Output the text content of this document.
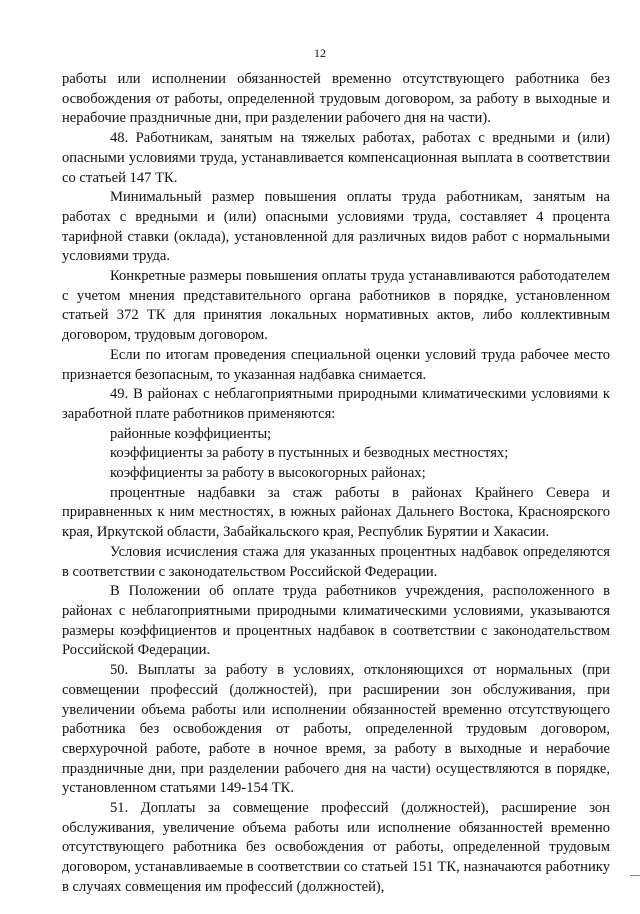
12

работы или исполнении обязанностей временно отсутствующего работника без освобождения от работы, определенной трудовым договором, за работу в выходные и нерабочие праздничные дни, при разделении рабочего дня на части).

48. Работникам, занятым на тяжелых работах, работах с вредными и (или) опасными условиями труда, устанавливается компенсационная выплата в соответствии со статьей 147 ТК.

Минимальный размер повышения оплаты труда работникам, занятым на работах с вредными и (или) опасными условиями труда, составляет 4 процента тарифной ставки (оклада), установленной для различных видов работ с нормальными условиями труда.

Конкретные размеры повышения оплаты труда устанавливаются работодателем с учетом мнения представительного органа работников в порядке, установленном статьей 372 ТК для принятия локальных нормативных актов, либо коллективным договором, трудовым договором.

Если по итогам проведения специальной оценки условий труда рабочее место признается безопасным, то указанная надбавка снимается.

49. В районах с неблагоприятными природными климатическими условиями к заработной плате работников применяются:

районные коэффициенты;

коэффициенты за работу в пустынных и безводных местностях;

коэффициенты за работу в высокогорных районах;

процентные надбавки за стаж работы в районах Крайнего Севера и приравненных к ним местностях, в южных районах Дальнего Востока, Красноярского края, Иркутской области, Забайкальского края, Республик Бурятии и Хакасии.

Условия исчисления стажа для указанных процентных надбавок определяются в соответствии с законодательством Российской Федерации.

В Положении об оплате труда работников учреждения, расположенного в районах с неблагоприятными природными климатическими условиями, указываются размеры коэффициентов и процентных надбавок в соответствии с законодательством Российской Федерации.

50. Выплаты за работу в условиях, отклоняющихся от нормальных (при совмещении профессий (должностей), при расширении зон обслуживания, при увеличении объема работы или исполнении обязанностей временно отсутствующего работника без освобождения от работы, определенной трудовым договором, сверхурочной работе, работе в ночное время, за работу в выходные и нерабочие праздничные дни, при разделении рабочего дня на части) осуществляются в порядке, установленном статьями 149-154 ТК.

51. Доплаты за совмещение профессий (должностей), расширение зон обслуживания, увеличение объема работы или исполнение обязанностей временно отсутствующего работника без освобождения от работы, определенной трудовым договором, устанавливаемые в соответствии со статьей 151 ТК, назначаются работнику в случаях совмещения им профессий (должностей),
